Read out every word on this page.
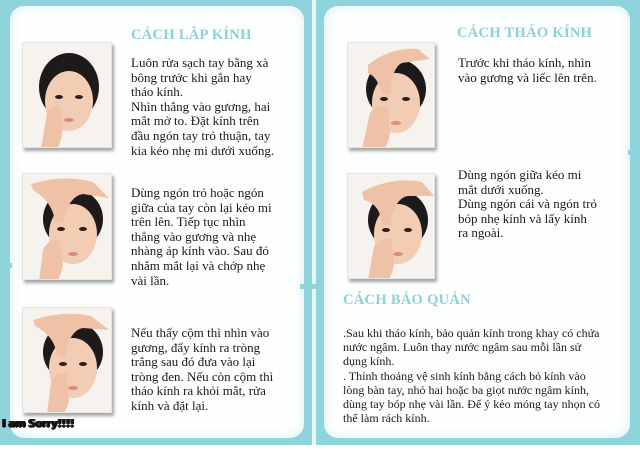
CÁCH LẮP KÍNH
Luôn rửa sạch tay bằng xà
bông trước khi gắn hay
tháo kính.
Nhìn thẳng vào gương, hai
mắt mở to. Đặt kính trên
đầu ngón tay trỏ thuận, tay
kia kéo nhẹ mi dưới xuống.
Dùng ngón trỏ hoặc ngón
giữa của tay còn lại kéo mi
trên lên. Tiếp tục nhìn
thẳng vào gương và nhẹ
nhàng áp kính vào. Sau đó
nhắm mắt lại và chớp nhẹ
vài lần.
Nếu thấy cộm thì nhìn vào
gương, đẩy kính ra tròng
trắng sau đó đưa vào lại
tròng đen. Nếu còn cộm thì
tháo kính ra khỏi mắt, rửa
kính và đặt lại.
I am Sorry!!!!
CÁCH THÁO KÍNH
Trước khi tháo kính, nhìn
vào gương và liếc lên trên.
Dùng ngón giữa kéo mi
mắt dưới xuống.
Dùng ngón cái và ngón trỏ
bóp nhẹ kính và lấy kính
ra ngoài.
CÁCH BẢO QUẢN
.Sau khi tháo kính, bảo quản kính trong khay có chứa
nước ngâm. Luôn thay nước ngâm sau mỗi lần sử
dụng kính.
. Thỉnh thoảng vệ sinh kính bằng cách bỏ kính vào
lòng bàn tay, nhỏ hai hoặc ba giọt nước ngâm kính,
dùng tay bóp nhẹ vài lần. Để ý kẻo móng tay nhọn có
thể làm rách kính.
